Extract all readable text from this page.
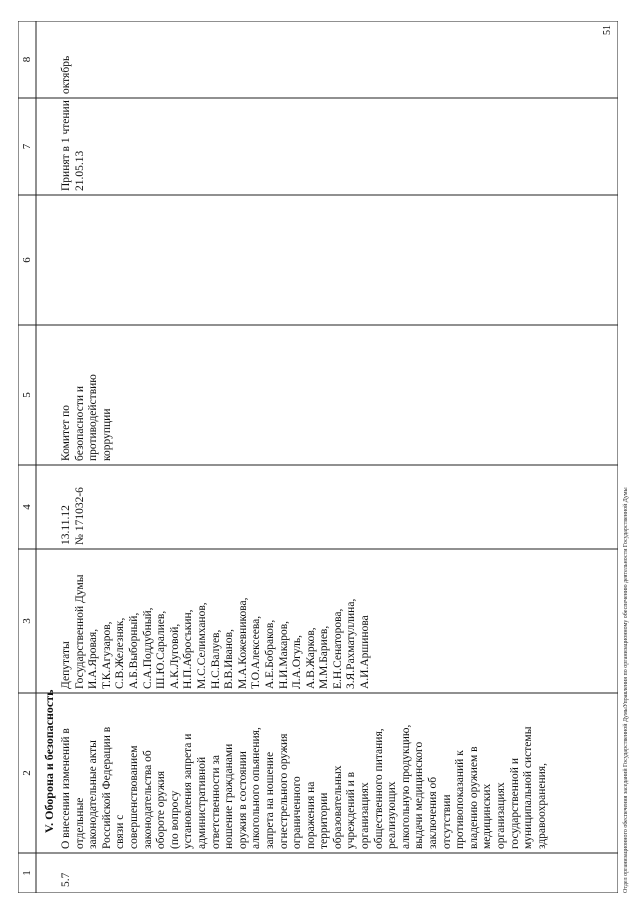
1
2
3
4
5
6
7
8
V. Оборона и безопасность
5.7
О внесении изменений в отдельные законодательные акты Российской Федерации в связи с совершенствованием законодательства об обороте оружия (по вопросу установления запрета и административной ответственности за ношение гражданами оружия в состоянии алкогольного опьянения, запрета на ношение огнестрельного оружия ограниченного поражения на территории образовательных учреждений и в организациях общественного питания, реализующих алкогольную продукцию, выдачи медицинского заключения об отсутствии противопоказаний к владению оружием в медицинских организациях государственной и муниципальной системы здравоохранения,
Депутаты Государственной Думы И.А.Яровая, Т.К.Агузаров, С.В.Железняк, А.Б.Выборный, С.А.Поддубный, Ш.Ю.Саралиев, А.К.Луговой, Н.П.Абросъкин, М.С.Селимханов, Н.С.Валуев, В.В.Иванов, М.А.Кожевникова, Т.О.Алексеева, А.Е.Бобраков, Н.И.Макаров, Л.А.Огуль, А.В.Жарков, М.М.Бариев, Е.Н.Сенаторова, З.Я.Рахматуллина, А.И.Аршинова
13.11.12 № 171032-6
Комитет по безопасности и противодействию коррупции
Принят в 1 чтении 21.05.13
октябрь
Отдел организационного обеспечения заседаний Государственной ДумыУправления по организационному обеспечению деятельности Государственной Думы
51
